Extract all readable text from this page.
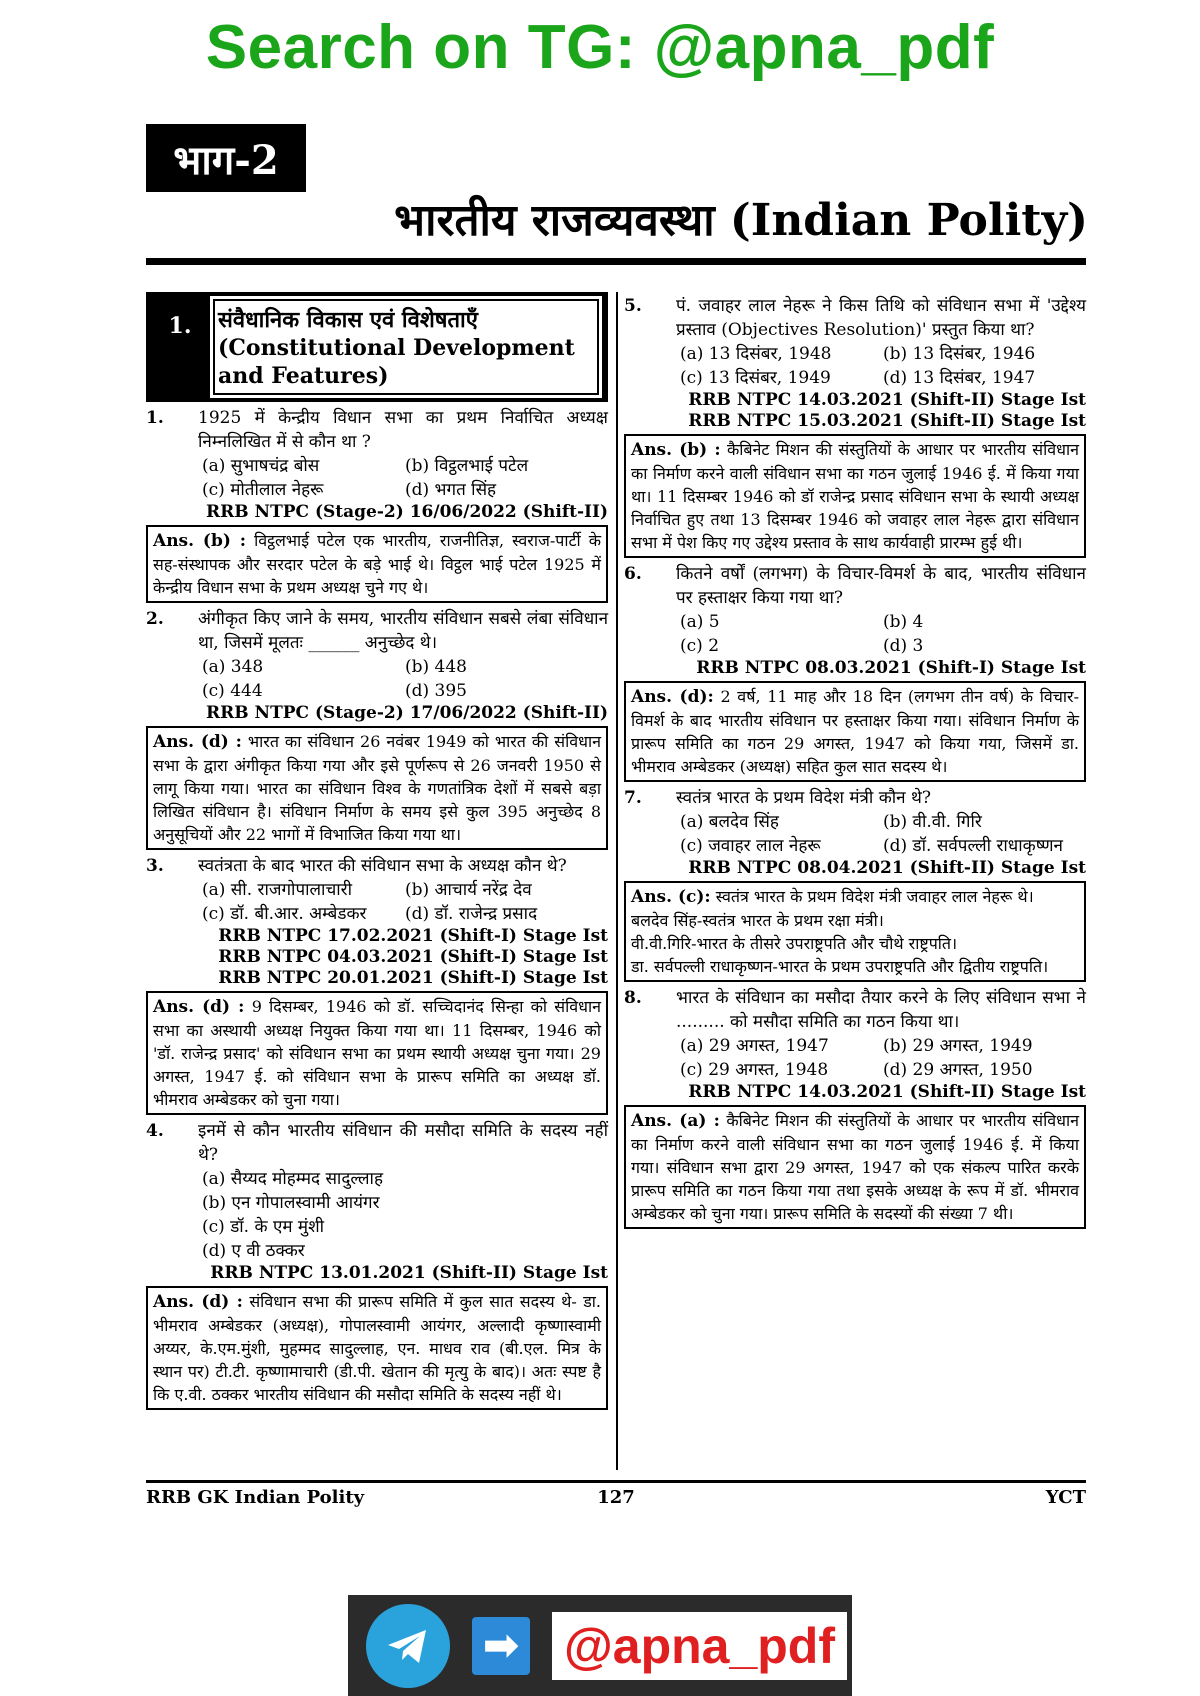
Search on TG: @apna_pdf
भाग-2
भारतीय राजव्यवस्था (Indian Polity)
1.	संवैधानिक विकास एवं विशेषताएँ
(Constitutional Development and Features)
1. 1925 में केन्द्रीय विधान सभा का प्रथम निर्वाचित अध्यक्ष निम्नलिखित में से कौन था ?
(a) सुभाषचंद्र बोस	(b) विट्ठलभाई पटेल
(c) मोतीलाल नेहरू	(d) भगत सिंह
RRB NTPC (Stage-2) 16/06/2022 (Shift-II)

Ans. (b) : विट्ठलभाई पटेल एक भारतीय, राजनीतिज्ञ, स्वराज-पार्टी के सह-संस्थापक और सरदार पटेल के बड़े भाई थे। विट्ठल भाई पटेल 1925 में केन्द्रीय विधान सभा के प्रथम अध्यक्ष चुने गए थे।

2. अंगीकृत किए जाने के समय, भारतीय संविधान सबसे लंबा संविधान था, जिसमें मूलतः ______ अनुच्छेद थे।
(a) 348	(b) 448
(c) 444	(d) 395
RRB NTPC (Stage-2) 17/06/2022 (Shift-II)

Ans. (d) : भारत का संविधान 26 नवंबर 1949 को भारत की संविधान सभा के द्वारा अंगीकृत किया गया और इसे पूर्णरूप से 26 जनवरी 1950 से लागू किया गया। भारत का संविधान विश्व के गणतांत्रिक देशों में सबसे बड़ा लिखित संविधान है। संविधान निर्माण के समय इसे कुल 395 अनुच्छेद 8 अनुसूचियों और 22 भागों में विभाजित किया गया था।

3. स्वतंत्रता के बाद भारत की संविधान सभा के अध्यक्ष कौन थे?
(a) सी. राजगोपालाचारी	(b) आचार्य नरेंद्र देव
(c) डॉ. बी.आर. अम्बेडकर	(d) डॉ. राजेन्द्र प्रसाद
RRB NTPC 17.02.2021 (Shift-I) Stage Ist
RRB NTPC 04.03.2021 (Shift-I) Stage Ist
RRB NTPC 20.01.2021 (Shift-I) Stage Ist

Ans. (d) : 9 दिसम्बर, 1946 को डॉ. सच्चिदानंद सिन्हा को संविधान सभा का अस्थायी अध्यक्ष नियुक्त किया गया था। 11 दिसम्बर, 1946 को 'डॉ. राजेन्द्र प्रसाद' को संविधान सभा का प्रथम स्थायी अध्यक्ष चुना गया। 29 अगस्त, 1947 ई. को संविधान सभा के प्रारूप समिति का अध्यक्ष डॉ. भीमराव अम्बेडकर को चुना गया।

4. इनमें से कौन भारतीय संविधान की मसौदा समिति के सदस्य नहीं थे?
(a) सैय्यद मोहम्मद सादुल्लाह
(b) एन गोपालस्वामी आयंगर
(c) डॉ. के एम मुंशी
(d) ए वी ठक्कर
RRB NTPC 13.01.2021 (Shift-II) Stage Ist

Ans. (d) : संविधान सभा की प्रारूप समिति में कुल सात सदस्य थे- डा. भीमराव अम्बेडकर (अध्यक्ष), गोपालस्वामी आयंगर, अल्लादी कृष्णास्वामी अय्यर, के.एम.मुंशी, मुहम्मद सादुल्लाह, एन. माधव राव (बी.एल. मित्र के स्थान पर) टी.टी. कृष्णामाचारी (डी.पी. खेतान की मृत्यु के बाद)। अतः स्पष्ट है कि ए.वी. ठक्कर भारतीय संविधान की मसौदा समिति के सदस्य नहीं थे।

5. पं. जवाहर लाल नेहरू ने किस तिथि को संविधान सभा में 'उद्देश्य प्रस्ताव (Objectives Resolution)' प्रस्तुत किया था?
(a) 13 दिसंबर, 1948	(b) 13 दिसंबर, 1946
(c) 13 दिसंबर, 1949	(d) 13 दिसंबर, 1947
RRB NTPC 14.03.2021 (Shift-II) Stage Ist
RRB NTPC 15.03.2021 (Shift-II) Stage Ist

Ans. (b) : कैबिनेट मिशन की संस्तुतियों के आधार पर भारतीय संविधान का निर्माण करने वाली संविधान सभा का गठन जुलाई 1946 ई. में किया गया था। 11 दिसम्बर 1946 को डॉ राजेन्द्र प्रसाद संविधान सभा के स्थायी अध्यक्ष निर्वाचित हुए तथा 13 दिसम्बर 1946 को जवाहर लाल नेहरू द्वारा संविधान सभा में पेश किए गए उद्देश्य प्रस्ताव के साथ कार्यवाही प्रारम्भ हुई थी।

6. कितने वर्षों (लगभग) के विचार-विमर्श के बाद, भारतीय संविधान पर हस्ताक्षर किया गया था?
(a) 5	(b) 4
(c) 2	(d) 3
RRB NTPC 08.03.2021 (Shift-I) Stage Ist

Ans. (d): 2 वर्ष, 11 माह और 18 दिन (लगभग तीन वर्ष) के विचार-विमर्श के बाद भारतीय संविधान पर हस्ताक्षर किया गया। संविधान निर्माण के प्रारूप समिति का गठन 29 अगस्त, 1947 को किया गया, जिसमें डा. भीमराव अम्बेडकर (अध्यक्ष) सहित कुल सात सदस्य थे।

7. स्वतंत्र भारत के प्रथम विदेश मंत्री कौन थे?
(a) बलदेव सिंह	(b) वी.वी. गिरि
(c) जवाहर लाल नेहरू	(d) डॉ. सर्वपल्ली राधाकृष्णन
RRB NTPC 08.04.2021 (Shift-II) Stage Ist

Ans. (c): स्वतंत्र भारत के प्रथम विदेश मंत्री जवाहर लाल नेहरू थे।

बलदेव सिंह-स्वतंत्र भारत के प्रथम रक्षा मंत्री।

वी.वी.गिरि-भारत के तीसरे उपराष्ट्रपति और चौथे राष्ट्रपति।

डा. सर्वपल्ली राधाकृष्णन-भारत के प्रथम उपराष्ट्रपति और द्वितीय राष्ट्रपति।

8. भारत के संविधान का मसौदा तैयार करने के लिए संविधान सभा ने ......... को मसौदा समिति का गठन किया था।
(a) 29 अगस्त, 1947	(b) 29 अगस्त, 1949
(c) 29 अगस्त, 1948	(d) 29 अगस्त, 1950
RRB NTPC 14.03.2021 (Shift-II) Stage Ist

Ans. (a) : कैबिनेट मिशन की संस्तुतियों के आधार पर भारतीय संविधान का निर्माण करने वाली संविधान सभा का गठन जुलाई 1946 ई. में किया गया। संविधान सभा द्वारा 29 अगस्त, 1947 को एक संकल्प पारित करके प्रारूप समिति का गठन किया गया तथा इसके अध्यक्ष के रूप में डॉ. भीमराव अम्बेडकर को चुना गया। प्रारूप समिति के सदस्यों की संख्या 7 थी।

RRB GK Indian Polity	127	YCT
➡ @apna_pdf
